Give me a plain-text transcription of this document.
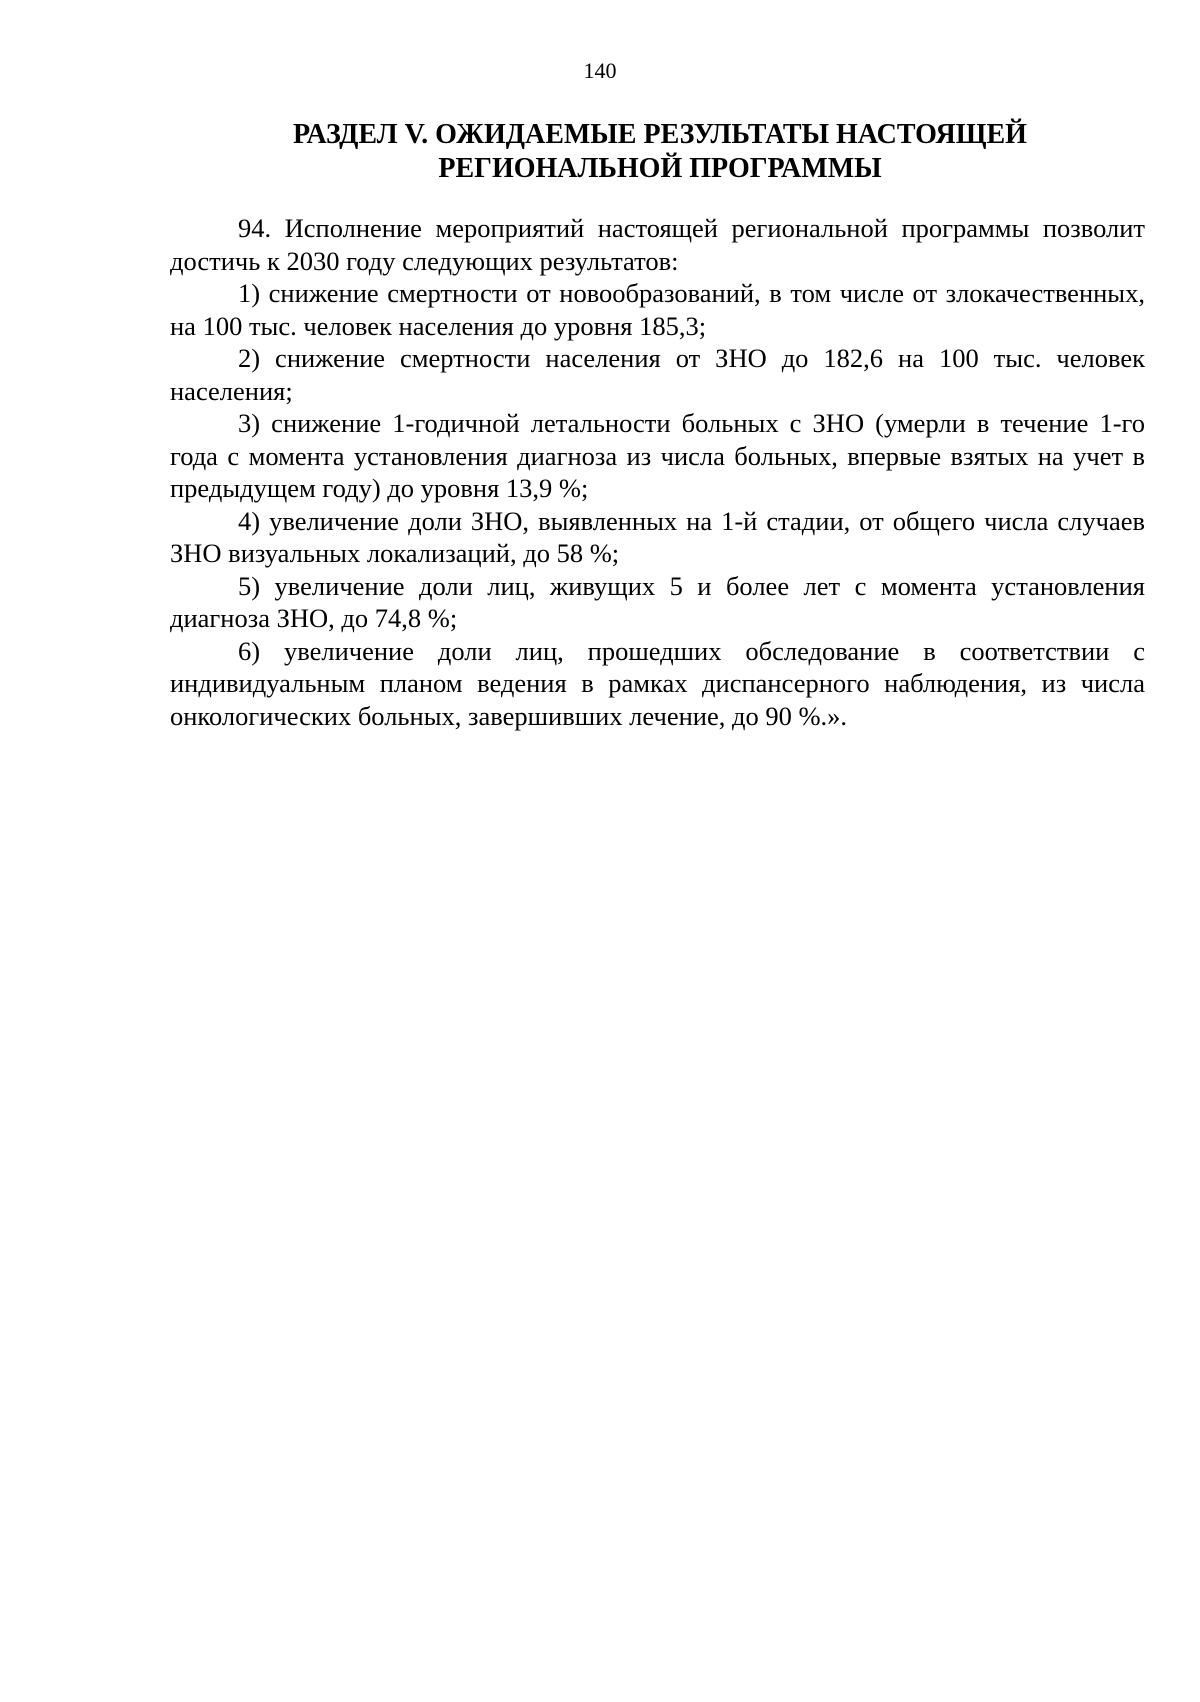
140
РАЗДЕЛ V. ОЖИДАЕМЫЕ РЕЗУЛЬТАТЫ НАСТОЯЩЕЙ
РЕГИОНАЛЬНОЙ ПРОГРАММЫ

94. Исполнение мероприятий настоящей региональной программы позволит достичь к 2030 году следующих результатов:

1) снижение смертности от новообразований, в том числе от злокачественных, на 100 тыс. человек населения до уровня 185,3;

2) снижение смертности населения от ЗНО до 182,6 на 100 тыс. человек населения;

3) снижение 1-годичной летальности больных с ЗНО (умерли в течение 1-го года с момента установления диагноза из числа больных, впервые взятых на учет в предыдущем году) до уровня 13,9 %;

4) увеличение доли ЗНО, выявленных на 1-й стадии, от общего числа случаев ЗНО визуальных локализаций, до 58 %;

5) увеличение доли лиц, живущих 5 и более лет с момента установления диагноза ЗНО, до 74,8 %;

6) увеличение доли лиц, прошедших обследование в соответствии с индивидуальным планом ведения в рамках диспансерного наблюдения, из числа онкологических больных, завершивших лечение, до 90 %.».
